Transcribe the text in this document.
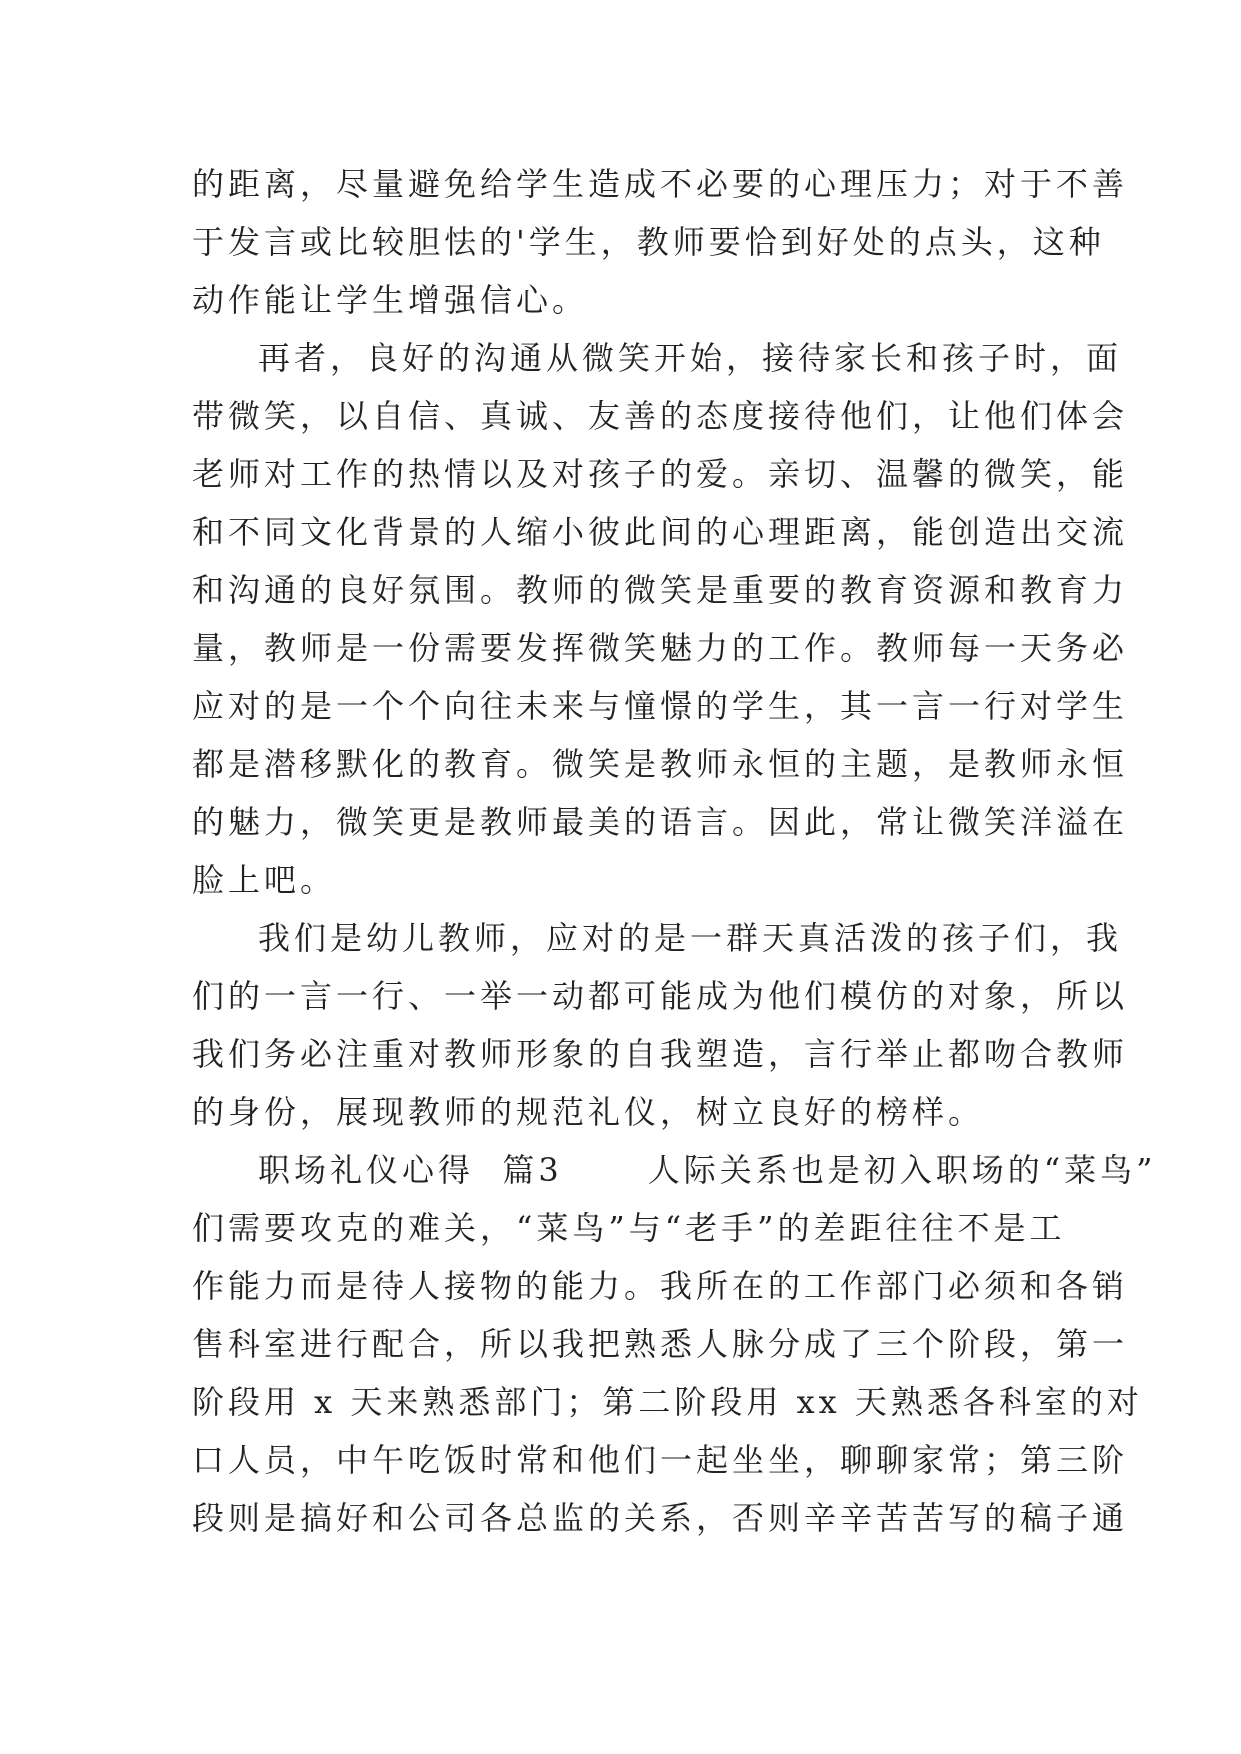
的距离，尽量避免给学生造成不必要的心理压力；对于不善
于发言或比较胆怯的'学生，教师要恰到好处的点头，这种
动作能让学生增强信心。
再者，良好的沟通从微笑开始，接待家长和孩子时，面
带微笑，以自信、真诚、友善的态度接待他们，让他们体会
老师对工作的热情以及对孩子的爱。亲切、温馨的微笑，能
和不同文化背景的人缩小彼此间的心理距离，能创造出交流
和沟通的良好氛围。教师的微笑是重要的教育资源和教育力
量，教师是一份需要发挥微笑魅力的工作。教师每一天务必
应对的是一个个向往未来与憧憬的学生，其一言一行对学生
都是潜移默化的教育。微笑是教师永恒的主题，是教师永恒
的魅力，微笑更是教师最美的语言。因此，常让微笑洋溢在
脸上吧。
我们是幼儿教师，应对的是一群天真活泼的孩子们，我
们的一言一行、一举一动都可能成为他们模仿的对象，所以
我们务必注重对教师形象的自我塑造，言行举止都吻合教师
的身份，展现教师的规范礼仪，树立良好的榜样。
职场礼仪心得  篇3      人际关系也是初入职场的“菜鸟”
们需要攻克的难关，“菜鸟”与“老手”的差距往往不是工
作能力而是待人接物的能力。我所在的工作部门必须和各销
售科室进行配合，所以我把熟悉人脉分成了三个阶段，第一
阶段用 x 天来熟悉部门；第二阶段用 xx 天熟悉各科室的对
口人员，中午吃饭时常和他们一起坐坐，聊聊家常；第三阶
段则是搞好和公司各总监的关系，否则辛辛苦苦写的稿子通
